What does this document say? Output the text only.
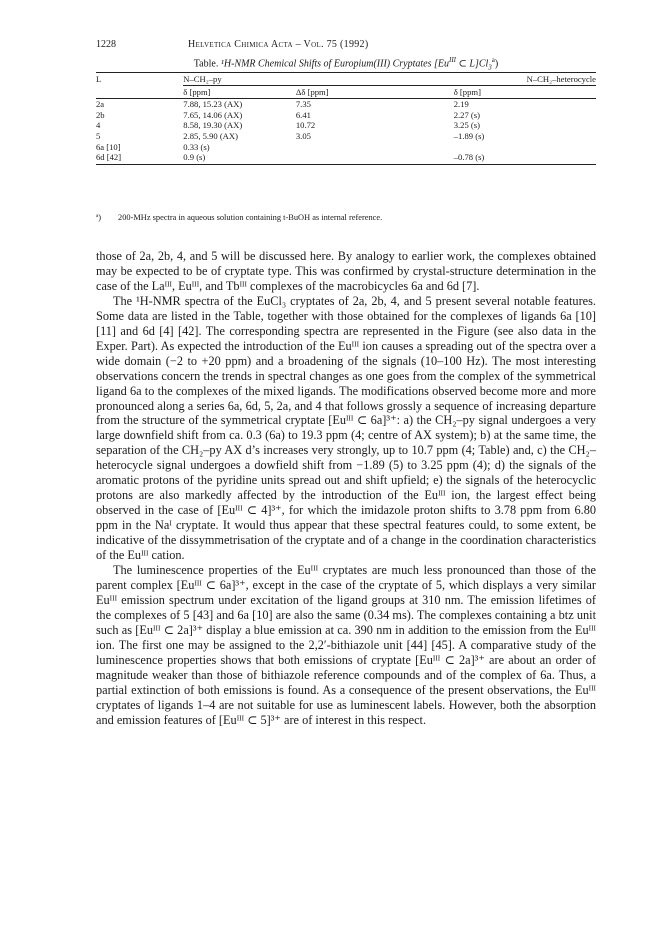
1228	Helvetica Chimica Acta – Vol. 75 (1992)
Table. ¹H-NMR Chemical Shifts of Europium(III) Cryptates [$Eu^{III}$ ⊂ $L]Cl_3^a$)
L	N–CH₂–py		N–CH₂–heterocycle
	δ [ppm]	Δδ [ppm]	δ [ppm]
2a	7.88, 15.23 (AX)	7.35	2.19
2b	7.65, 14.06 (AX)	6.41	2.27 (s)
4	8.58, 19.30 (AX)	10.72	3.25 (s)
5	2.85, 5.90 (AX)	3.05	–1.89 (s)
6a [10]	0.33 (s)		
6d [42]	0.9 (s)		–0.78 (s)
ª) 200-MHz spectra in aqueous solution containing t-BuOH as internal reference.

those of 2a, 2b, 4, and 5 will be discussed here. By analogy to earlier work, the complexes obtained may be expected to be of cryptate type. This was confirmed by crystal-structure determination in the case of the Laᴵᴵᴵ, Euᴵᴵᴵ, and Tbᴵᴵᴵ complexes of the macrobicycles 6a and 6d [7].

The ¹H-NMR spectra of the EuCl₃ cryptates of 2a, 2b, 4, and 5 present several notable features. Some data are listed in the Table, together with those obtained for the complexes of ligands 6a [10] [11] and 6d [4] [42]. The corresponding spectra are represented in the Figure (see also data in the Exper. Part). As expected the introduction of the Euᴵᴵᴵ ion causes a spreading out of the spectra over a wide domain (−2 to +20 ppm) and a broadening of the signals (10–100 Hz). The most interesting observations concern the trends in spectral changes as one goes from the complex of the symmetrical ligand 6a to the complexes of the mixed ligands. The modifications observed become more and more pronounced along a series 6a, 6d, 5, 2a, and 4 that follows grossly a sequence of increasing departure from the structure of the symmetrical cryptate [Euᴵᴵᴵ ⊂ 6a]³⁺: a) the CH₂–py signal undergoes a very large downfield shift from ca. 0.3 (6a) to 19.3 ppm (4; centre of AX system); b) at the same time, the separation of the CH₂–py AX d’s increases very strongly, up to 10.7 ppm (4; Table) and, c) the CH₂–heterocycle signal undergoes a dowfield shift from −1.89 (5) to 3.25 ppm (4); d) the signals of the aromatic protons of the pyridine units spread out and shift upfield; e) the signals of the heterocyclic protons are also markedly affected by the introduction of the Euᴵᴵᴵ ion, the largest effect being observed in the case of [Euᴵᴵᴵ ⊂ 4]³⁺, for which the imidazole proton shifts to 3.78 ppm from 6.80 ppm in the Naᴵ cryptate. It would thus appear that these spectral features could, to some extent, be indicative of the dissymmetrisation of the cryptate and of a change in the coordination characteristics of the Euᴵᴵᴵ cation.

The luminescence properties of the Euᴵᴵᴵ cryptates are much less pronounced than those of the parent complex [Euᴵᴵᴵ ⊂ 6a]³⁺, except in the case of the cryptate of 5, which displays a very similar Euᴵᴵᴵ emission spectrum under excitation of the ligand groups at 310 nm. The emission lifetimes of the complexes of 5 [43] and 6a [10] are also the same (0.34 ms). The complexes containing a btz unit such as [Euᴵᴵᴵ ⊂ 2a]³⁺ display a blue emission at ca. 390 nm in addition to the emission from the Euᴵᴵᴵ ion. The first one may be assigned to the 2,2′-bithiazole unit [44] [45]. A comparative study of the luminescence properties shows that both emissions of cryptate [Euᴵᴵᴵ ⊂ 2a]³⁺ are about an order of magnitude weaker than those of bithiazole reference compounds and of the complex of 6a. Thus, a partial extinction of both emissions is found. As a consequence of the present observations, the Euᴵᴵᴵ cryptates of ligands 1–4 are not suitable for use as luminescent labels. However, both the absorption and emission features of [Euᴵᴵᴵ ⊂ 5]³⁺ are of interest in this respect.
